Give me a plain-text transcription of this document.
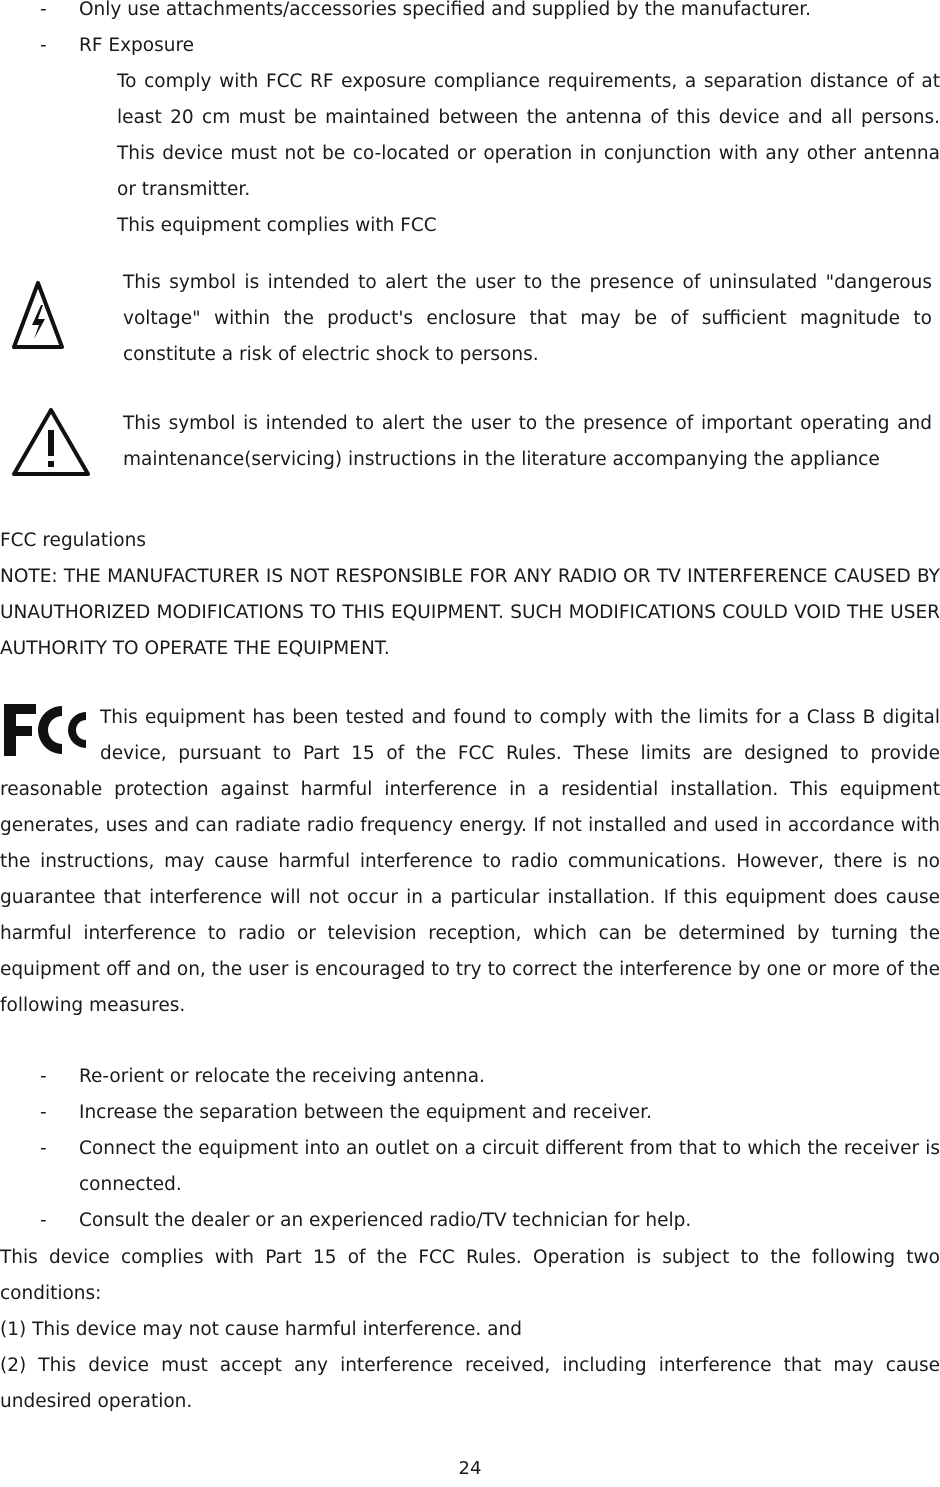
- Only use attachments/accessories specified and supplied by the manufacturer.
- RF Exposure
To comply with FCC RF exposure compliance requirements, a separation distance of at least 20 cm must be maintained between the antenna of this device and all persons. This device must not be co-located or operation in conjunction with any other antenna or transmitter.
This equipment complies with FCC
This symbol is intended to alert the user to the presence of uninsulated "dangerous voltage" within the product's enclosure that may be of sufficient magnitude to constitute a risk of electric shock to persons.
This symbol is intended to alert the user to the presence of important operating and maintenance(servicing) instructions in the literature accompanying the appliance
FCC regulations
NOTE: THE MANUFACTURER IS NOT RESPONSIBLE FOR ANY RADIO OR TV INTERFERENCE CAUSED BY UNAUTHORIZED MODIFICATIONS TO THIS EQUIPMENT. SUCH MODIFICATIONS COULD VOID THE USER AUTHORITY TO OPERATE THE EQUIPMENT.
This equipment has been tested and found to comply with the limits for a Class B digital device, pursuant to Part 15 of the FCC Rules. These limits are designed to provide reasonable protection against harmful interference in a residential installation. This equipment generates, uses and can radiate radio frequency energy. If not installed and used in accordance with the instructions, may cause harmful interference to radio communications. However, there is no guarantee that interference will not occur in a particular installation. If this equipment does cause harmful interference to radio or television reception, which can be determined by turning the equipment off and on, the user is encouraged to try to correct the interference by one or more of the following measures.
- Re-orient or relocate the receiving antenna.
- Increase the separation between the equipment and receiver.
- Connect the equipment into an outlet on a circuit different from that to which the receiver is connected.
- Consult the dealer or an experienced radio/TV technician for help.
This device complies with Part 15 of the FCC Rules. Operation is subject to the following two conditions:
(1) This device may not cause harmful interference. and
(2) This device must accept any interference received, including interference that may cause undesired operation.
24
